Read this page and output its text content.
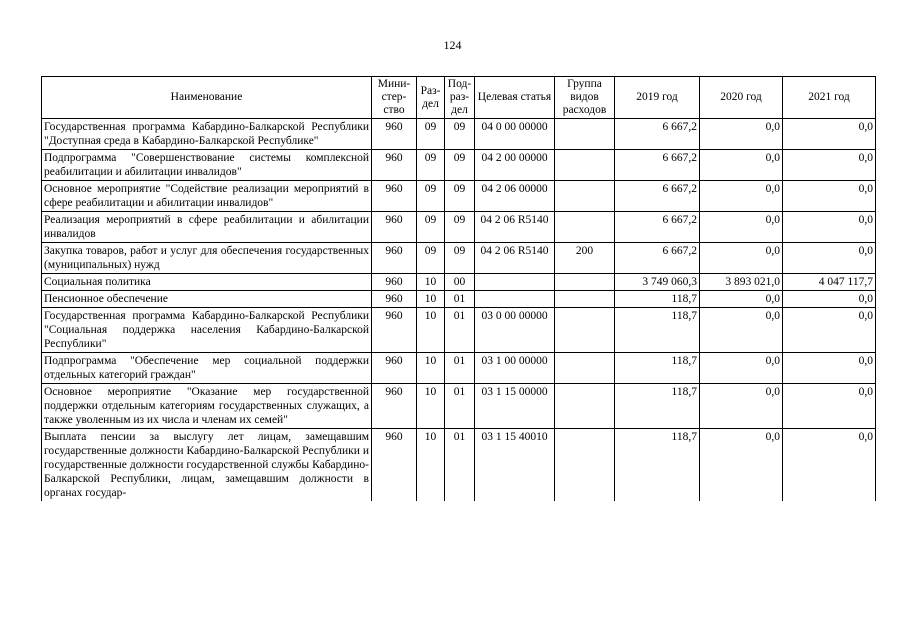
124
Наименование	Мини-стер-ство	Раз-дел	Под-раз-дел	Целевая статья	Группа видов расходов	2019 год	2020 год	2021 год
Государственная программа Кабардино-Балкарской Республики "Доступная среда в Кабардино-Балкарской Республике"	960	09	09	04 0 00 00000		6 667,2	0,0	0,0
Подпрограмма "Совершенствование системы комплексной реабилитации и абилитации инвалидов"	960	09	09	04 2 00 00000		6 667,2	0,0	0,0
Основное мероприятие "Содействие реализации мероприятий в сфере реабилитации и абилитации инвалидов"	960	09	09	04 2 06 00000		6 667,2	0,0	0,0
Реализация мероприятий в сфере реабилитации и абилитации инвалидов	960	09	09	04 2 06 R5140		6 667,2	0,0	0,0
Закупка товаров, работ и услуг для обеспечения государственных (муниципальных) нужд	960	09	09	04 2 06 R5140	200	6 667,2	0,0	0,0
Социальная политика	960	10	00			3 749 060,3	3 893 021,0	4 047 117,7
Пенсионное обеспечение	960	10	01			118,7	0,0	0,0
Государственная программа Кабардино-Балкарской Республики "Социальная поддержка населения Кабардино-Балкарской Республики"	960	10	01	03 0 00 00000		118,7	0,0	0,0
Подпрограмма "Обеспечение мер социальной поддержки отдельных категорий граждан"	960	10	01	03 1 00 00000		118,7	0,0	0,0
Основное мероприятие "Оказание мер государственной поддержки отдельным категориям государственных служащих, а также уволенным из их числа и членам их семей"	960	10	01	03 1 15 00000		118,7	0,0	0,0
Выплата пенсии за выслугу лет лицам, замещавшим государственные должности Кабардино-Балкарской Республики и государственные должности государственной службы Кабардино-Балкарской Республики, лицам, замещавшим должности в органах государ-	960	10	01	03 1 15 40010		118,7	0,0	0,0
